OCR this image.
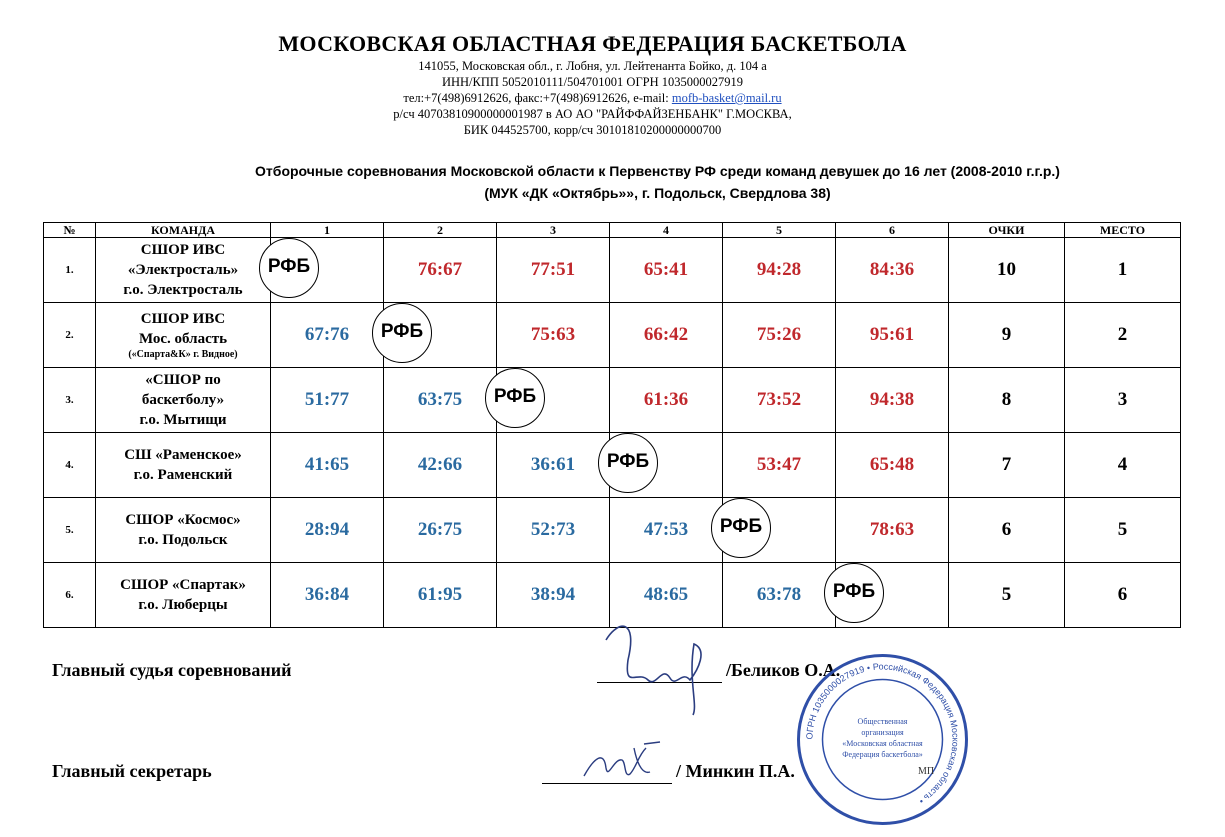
МОСКОВСКАЯ ОБЛАСТНАЯ ФЕДЕРАЦИЯ БАСКЕТБОЛА
141055, Московская обл., г. Лобня, ул. Лейтенанта Бойко, д. 104 а
ИНН/КПП 5052010111/504701001 ОГРН 1035000027919
тел:+7(498)6912626, факс:+7(498)6912626, e-mail: mofb-basket@mail.ru
р/сч 40703810900000001987 в АО АО "РАЙФФАЙЗЕНБАНК" Г.МОСКВА,
БИК 044525700, корр/сч 30101810200000000700
Отборочные соревнования Московской области к Первенству РФ среди команд девушек до 16 лет (2008-2010 г.г.р.)
(МУК «ДК «Октябрь»», г. Подольск, Свердлова 38)
№	КОМАНДА	1	2	3	4	5	6	ОЧКИ	МЕСТО
1.	СШОР ИВС
«Электросталь»
г.о. Электросталь	РФБ	76:67	77:51	65:41	94:28	84:36	10	1
2.	СШОР ИВС
Мос. область
(«Спарта&К» г. Видное)	67:76	РФБ	75:63	66:42	75:26	95:61	9	2
3.	«СШОР по
баскетболу»
г.о. Мытищи	51:77	63:75	РФБ	61:36	73:52	94:38	8	3
4.	СШ «Раменское»
г.о. Раменский	41:65	42:66	36:61	РФБ	53:47	65:48	7	4
5.	СШОР «Космос»
г.о. Подольск	28:94	26:75	52:73	47:53	РФБ	78:63	6	5
6.	СШОР «Спартак»
г.о. Люберцы	36:84	61:95	38:94	48:65	63:78	РФБ	5	6
Главный судья соревнований	/Беликов О.А.
Главный секретарь	/ Минкин П.А.
ОГРН 1035000027919 • Российская Федерация Московская область •
Общественная
организация
«Московская областная
Федерация баскетбола»
МП
